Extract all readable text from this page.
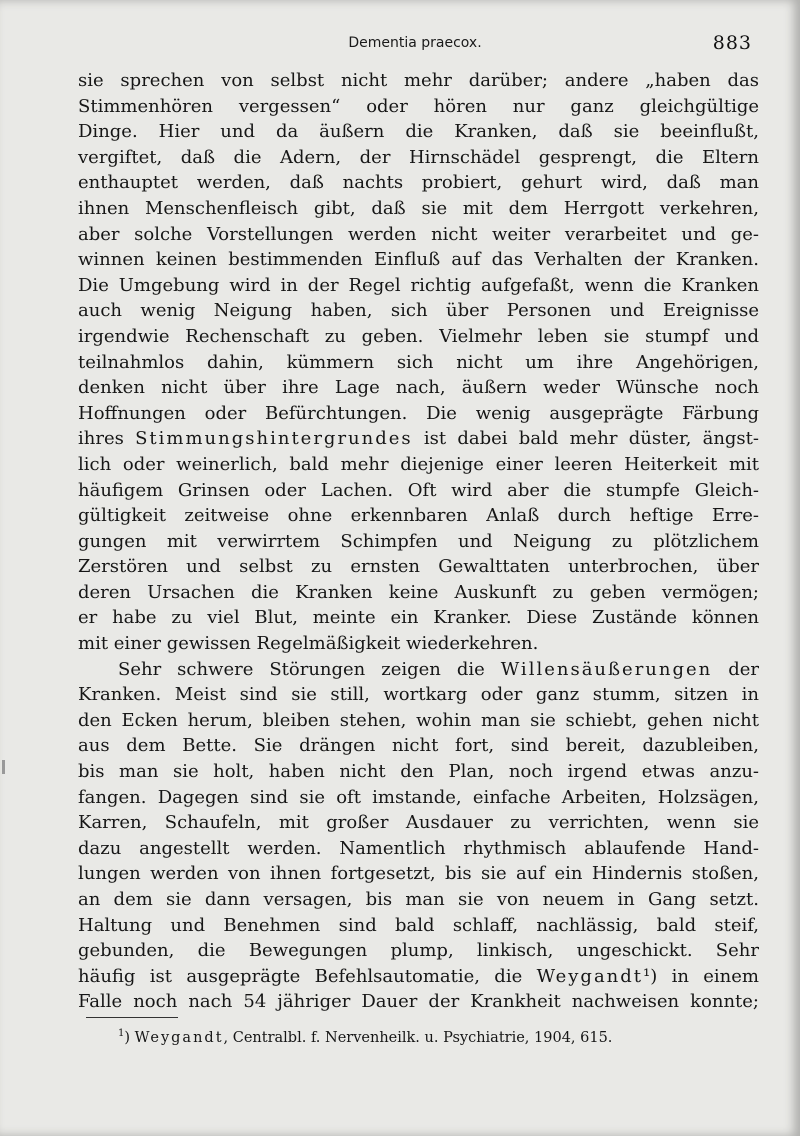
Dementia praecox.	883
sie sprechen von selbst nicht mehr darüber; andere „haben das
Stimmenhören vergessen“ oder hören nur ganz gleichgültige
Dinge. Hier und da äußern die Kranken, daß sie beeinflußt,
vergiftet, daß die Adern, der Hirnschädel gesprengt, die Eltern
enthauptet werden, daß nachts probiert, gehurt wird, daß man
ihnen Menschenfleisch gibt, daß sie mit dem Herrgott verkehren,
aber solche Vorstellungen werden nicht weiter verarbeitet und ge-
winnen keinen bestimmenden Einfluß auf das Verhalten der Kranken.
Die Umgebung wird in der Regel richtig aufgefaßt, wenn die Kranken
auch wenig Neigung haben, sich über Personen und Ereignisse
irgendwie Rechenschaft zu geben. Vielmehr leben sie stumpf und
teilnahmlos dahin, kümmern sich nicht um ihre Angehörigen,
denken nicht über ihre Lage nach, äußern weder Wünsche noch
Hoffnungen oder Befürchtungen. Die wenig ausgeprägte Färbung
ihres Stimmungshintergrundes ist dabei bald mehr düster, ängst-
lich oder weinerlich, bald mehr diejenige einer leeren Heiterkeit mit
häufigem Grinsen oder Lachen. Oft wird aber die stumpfe Gleich-
gültigkeit zeitweise ohne erkennbaren Anlaß durch heftige Erre-
gungen mit verwirrtem Schimpfen und Neigung zu plötzlichem
Zerstören und selbst zu ernsten Gewalttaten unterbrochen, über
deren Ursachen die Kranken keine Auskunft zu geben vermögen;
er habe zu viel Blut, meinte ein Kranker. Diese Zustände können
mit einer gewissen Regelmäßigkeit wiederkehren.
Sehr schwere Störungen zeigen die Willensäußerungen der
Kranken. Meist sind sie still, wortkarg oder ganz stumm, sitzen in
den Ecken herum, bleiben stehen, wohin man sie schiebt, gehen nicht
aus dem Bette. Sie drängen nicht fort, sind bereit, dazubleiben,
bis man sie holt, haben nicht den Plan, noch irgend etwas anzu-
fangen. Dagegen sind sie oft imstande, einfache Arbeiten, Holzsägen,
Karren, Schaufeln, mit großer Ausdauer zu verrichten, wenn sie
dazu angestellt werden. Namentlich rhythmisch ablaufende Hand-
lungen werden von ihnen fortgesetzt, bis sie auf ein Hindernis stoßen,
an dem sie dann versagen, bis man sie von neuem in Gang setzt.
Haltung und Benehmen sind bald schlaff, nachlässig, bald steif,
gebunden, die Bewegungen plump, linkisch, ungeschickt. Sehr
häufig ist ausgeprägte Befehlsautomatie, die Weygandt¹) in einem
Falle noch nach 54 jähriger Dauer der Krankheit nachweisen konnte;
$^1$) Weygandt, Centralbl. f. Nervenheilk. u. Psychiatrie, 1904, 615.
